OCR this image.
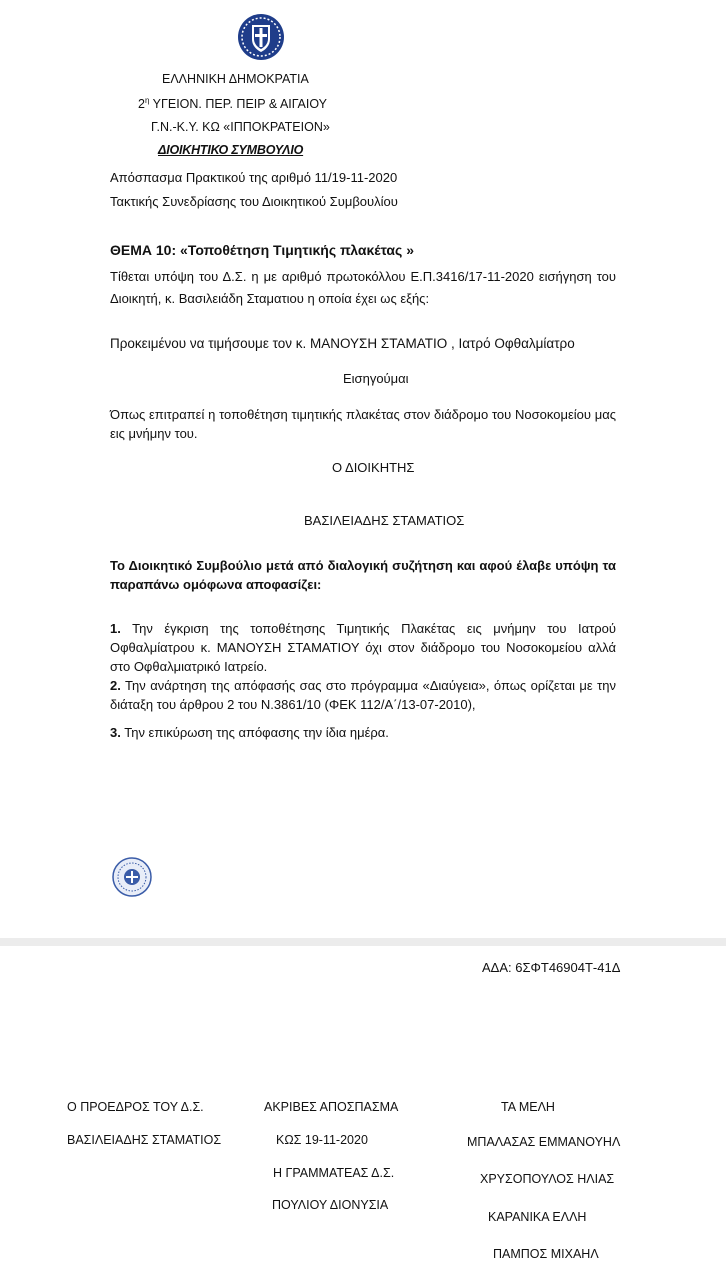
ΕΛΛΗΝΙΚΗ ΔΗΜΟΚΡΑΤΙΑ
$2^\eta$ ΥΓΕΙΟΝ. ΠΕΡ. ΠΕΙΡ & ΑΙΓΑΙΟΥ
Γ.Ν.-Κ.Υ. ΚΩ «ΙΠΠΟΚΡΑΤΕΙΟΝ»
ΔΙΟΙΚΗΤΙΚΟ ΣΥΜΒΟΥΛΙΟ
Απόσπασμα Πρακτικού της αριθμό 11/19-11-2020
Τακτικής Συνεδρίασης του Διοικητικού Συμβουλίου
ΘΕΜΑ 10: «Τοποθέτηση Τιμητικής πλακέτας »
Τίθεται υπόψη του Δ.Σ. η με αριθμό πρωτοκόλλου Ε.Π.3416/17-11-2020 εισήγηση του Διοικητή, κ. Βασιλειάδη Σταματιου η οποία έχει ως εξής:
Προκειμένου να τιμήσουμε τον κ. ΜΑΝΟΥΣΗ ΣΤΑΜΑΤΙΟ , Ιατρό Οφθαλμίατρο
Εισηγούμαι
Όπως επιτραπεί η τοποθέτηση τιμητικής πλακέτας στον διάδρομο του Νοσοκομείου μας εις μνήμην του.
Ο ΔΙΟΙΚΗΤΗΣ
ΒΑΣΙΛΕΙΑΔΗΣ ΣΤΑΜΑΤΙΟΣ
Το Διοικητικό Συμβούλιο μετά από διαλογική συζήτηση και αφού έλαβε υπόψη τα παραπάνω ομόφωνα αποφασίζει:
1. Την έγκριση της τοποθέτησης Τιμητικής Πλακέτας εις μνήμην του Ιατρού Οφθαλμίατρου κ. ΜΑΝΟΥΣΗ ΣΤΑΜΑΤΙΟΥ όχι στον διάδρομο του Νοσοκομείου αλλά στο Οφθαλμιατρικό Ιατρείο.
2. Την ανάρτηση της απόφασής σας στο πρόγραμμα «Διαύγεια», όπως ορίζεται με την διάταξη του άρθρου 2 του Ν.3861/10 (ΦΕΚ 112/Α΄/13-07-2010),
3. Την επικύρωση της απόφασης την ίδια ημέρα.
ΑΔΑ: 6ΣΦΤ46904Τ-41Δ
Ο ΠΡΟΕΔΡΟΣ ΤΟΥ Δ.Σ.
ΒΑΣΙΛΕΙΑΔΗΣ ΣΤΑΜΑΤΙΟΣ
ΑΚΡΙΒΕΣ ΑΠΟΣΠΑΣΜΑ
ΚΩΣ 19-11-2020
Η ΓΡΑΜΜΑΤΕΑΣ Δ.Σ.
ΠΟΥΛΙΟΥ ΔΙΟΝΥΣΙΑ
ΤΑ ΜΕΛΗ
ΜΠΑΛΑΣΑΣ ΕΜΜΑΝΟΥΗΛ
ΧΡΥΣΟΠΟΥΛΟΣ ΗΛΙΑΣ
ΚΑΡΑΝΙΚΑ ΕΛΛΗ
ΠΑΜΠΟΣ ΜΙΧΑΗΛ
